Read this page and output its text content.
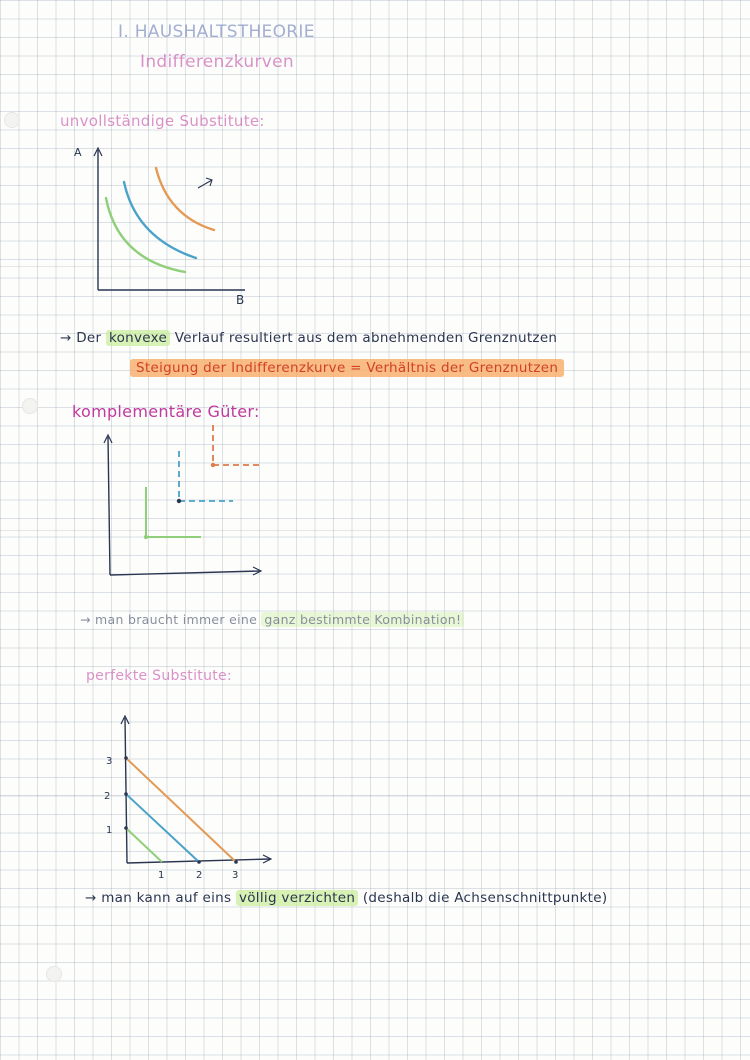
I. HAUSHALTSTHEORIE
Indifferenzkurven
unvollständige Substitute:
A
B
→ Der konvexe Verlauf resultiert aus dem abnehmenden Grenznutzen
Steigung der Indifferenzkurve = Verhältnis der Grenznutzen
komplementäre Güter:
→ man braucht immer eine ganz bestimmte Kombination!
perfekte Substitute:
3
2
1
1	2	3
→ man kann auf eins völlig verzichten (deshalb die Achsenschnittpunkte)
